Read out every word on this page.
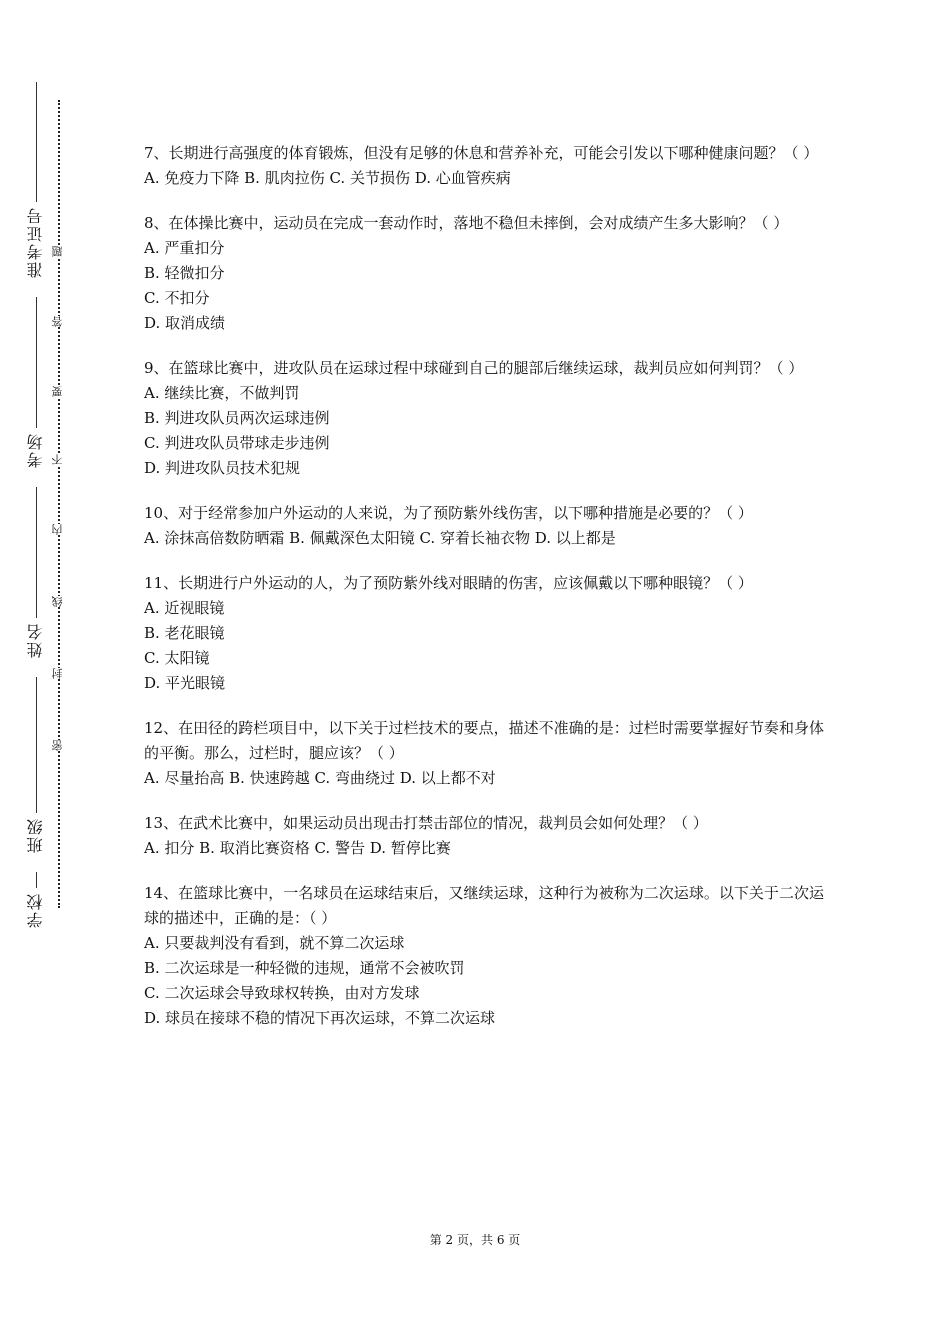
准考证号
考场
姓名
班级
学校
密
封
线
内
不
要
答
题
7、长期进行高强度的体育锻炼，但没有足够的休息和营养补充，可能会引发以下哪种健康问题？（ ）
A. 免疫力下降 B. 肌肉拉伤 C. 关节损伤 D. 心血管疾病
8、在体操比赛中，运动员在完成一套动作时，落地不稳但未摔倒，会对成绩产生多大影响？（ ）
A. 严重扣分
B. 轻微扣分
C. 不扣分
D. 取消成绩
9、在篮球比赛中，进攻队员在运球过程中球碰到自己的腿部后继续运球，裁判员应如何判罚？（ ）
A. 继续比赛，不做判罚
B. 判进攻队员两次运球违例
C. 判进攻队员带球走步违例
D. 判进攻队员技术犯规
10、对于经常参加户外运动的人来说，为了预防紫外线伤害，以下哪种措施是必要的？（ ）
A. 涂抹高倍数防晒霜 B. 佩戴深色太阳镜 C. 穿着长袖衣物 D. 以上都是
11、长期进行户外运动的人，为了预防紫外线对眼睛的伤害，应该佩戴以下哪种眼镜？（ ）
A. 近视眼镜
B. 老花眼镜
C. 太阳镜
D. 平光眼镜
12、在田径的跨栏项目中，以下关于过栏技术的要点，描述不准确的是：过栏时需要掌握好节奏和身体的平衡。那么，过栏时，腿应该？（ ）
A. 尽量抬高 B. 快速跨越 C. 弯曲绕过 D. 以上都不对
13、在武术比赛中，如果运动员出现击打禁击部位的情况，裁判员会如何处理？（ ）
A. 扣分 B. 取消比赛资格 C. 警告 D. 暂停比赛
14、在篮球比赛中，一名球员在运球结束后，又继续运球，这种行为被称为二次运球。以下关于二次运球的描述中，正确的是：（ ）
A. 只要裁判没有看到，就不算二次运球
B. 二次运球是一种轻微的违规，通常不会被吹罚
C. 二次运球会导致球权转换，由对方发球
D. 球员在接球不稳的情况下再次运球，不算二次运球
第 2 页，共 6 页
